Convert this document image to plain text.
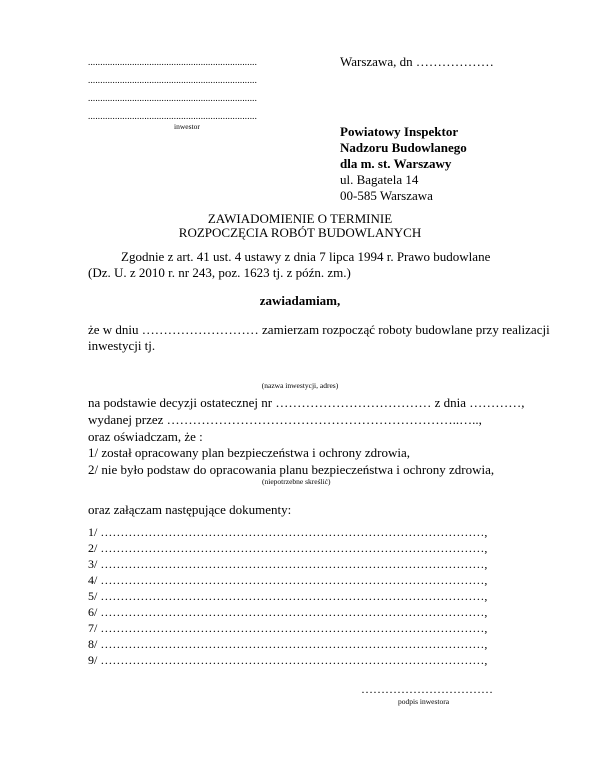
.....................................................................
.....................................................................
.....................................................................
.....................................................................
inwestor
Warszawa, dn ………………
Powiatowy Inspektor
Nadzoru Budowlanego
dla m. st. Warszawy
ul. Bagatela 14
00-585 Warszawa
ZAWIADOMIENIE O TERMINIE
ROZPOCZĘCIA ROBÓT BUDOWLANYCH
Zgodnie z art. 41 ust. 4 ustawy z dnia 7 lipca 1994 r. Prawo budowlane
(Dz. U. z 2010 r. nr 243, poz. 1623 tj. z późn. zm.)
zawiadamiam,
że w dniu ……………………… zamierzam rozpocząć roboty budowlane przy realizacji
inwestycji tj.
(nazwa inwestycji, adres)
na podstawie decyzji ostatecznej nr ……………………………… z dnia …………,
wydanej przez …………………………………………………………..…..,
oraz oświadczam, że :
1/ został opracowany plan bezpieczeństwa i ochrony zdrowia,
2/ nie było podstaw do opracowania planu bezpieczeństwa i ochrony zdrowia,
(niepotrzebne skreślić)
oraz załączam następujące dokumenty:
1/ ……………………………………………………………………………………,
2/ ……………………………………………………………………………………,
3/ ……………………………………………………………………………………,
4/ ……………………………………………………………………………………,
5/ ……………………………………………………………………………………,
6/ ……………………………………………………………………………………,
7/ ……………………………………………………………………………………,
8/ ……………………………………………………………………………………,
9/ ……………………………………………………………………………………,
……………………………
podpis inwestora
